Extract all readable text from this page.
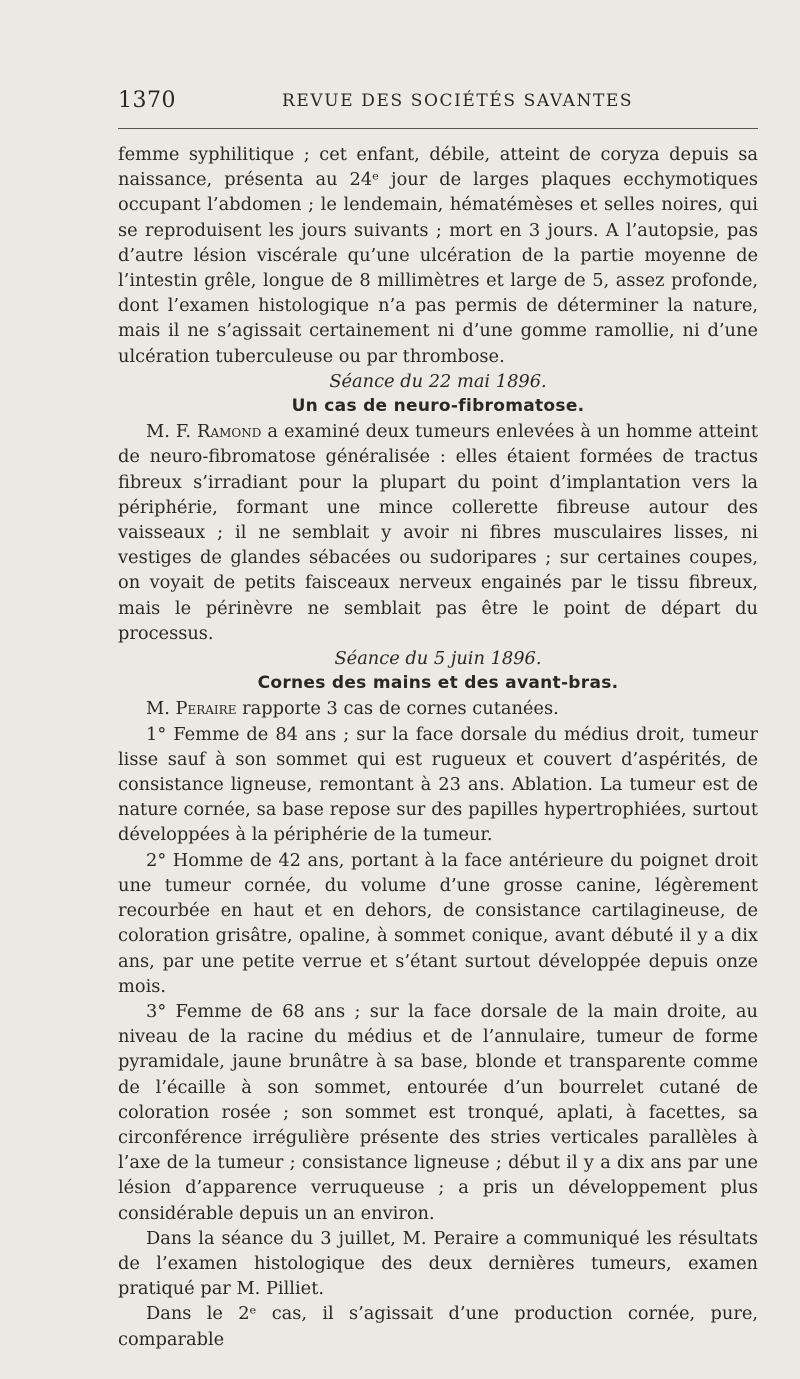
1370	REVUE DES SOCIÉTÉS SAVANTES

femme syphilitique ; cet enfant, débile, atteint de coryza depuis sa naissance, présenta au 24ᵉ jour de larges plaques ecchymotiques occupant l’abdomen ; le lendemain, hématémèses et selles noires, qui se reproduisent les jours suivants ; mort en 3 jours. A l’autopsie, pas d’autre lésion viscérale qu’une ulcération de la partie moyenne de l’intestin grêle, longue de 8 millimètres et large de 5, assez profonde, dont l’examen histologique n’a pas permis de déterminer la nature, mais il ne s’agissait certainement ni d’une gomme ramollie, ni d’une ulcération tuberculeuse ou par thrombose.

Séance du 22 mai 1896.

Un cas de neuro-fibromatose.

M. F. Ramond a examiné deux tumeurs enlevées à un homme atteint de neuro-fibromatose généralisée : elles étaient formées de tractus fibreux s’irradiant pour la plupart du point d’implantation vers la périphérie, formant une mince collerette fibreuse autour des vaisseaux ; il ne semblait y avoir ni fibres musculaires lisses, ni vestiges de glandes sébacées ou sudoripares ; sur certaines coupes, on voyait de petits faisceaux nerveux engainés par le tissu fibreux, mais le périnèvre ne semblait pas être le point de départ du processus.

Séance du 5 juin 1896.

Cornes des mains et des avant-bras.

M. Peraire rapporte 3 cas de cornes cutanées.

1° Femme de 84 ans ; sur la face dorsale du médius droit, tumeur lisse sauf à son sommet qui est rugueux et couvert d’aspérités, de consistance ligneuse, remontant à 23 ans. Ablation. La tumeur est de nature cornée, sa base repose sur des papilles hypertrophiées, surtout développées à la périphérie de la tumeur.

2° Homme de 42 ans, portant à la face antérieure du poignet droit une tumeur cornée, du volume d’une grosse canine, légèrement recourbée en haut et en dehors, de consistance cartilagineuse, de coloration grisâtre, opaline, à sommet conique, avant débuté il y a dix ans, par une petite verrue et s’étant surtout développée depuis onze mois.

3° Femme de 68 ans ; sur la face dorsale de la main droite, au niveau de la racine du médius et de l’annulaire, tumeur de forme pyramidale, jaune brunâtre à sa base, blonde et transparente comme de l’écaille à son sommet, entourée d’un bourrelet cutané de coloration rosée ; son sommet est tronqué, aplati, à facettes, sa circonférence irrégulière présente des stries verticales parallèles à l’axe de la tumeur ; consistance ligneuse ; début il y a dix ans par une lésion d’apparence verruqueuse ; a pris un développement plus considérable depuis un an environ.

Dans la séance du 3 juillet, M. Peraire a communiqué les résultats de l’examen histologique des deux dernières tumeurs, examen pratiqué par M. Pilliet.

Dans le 2ᵉ cas, il s’agissait d’une production cornée, pure, comparable
